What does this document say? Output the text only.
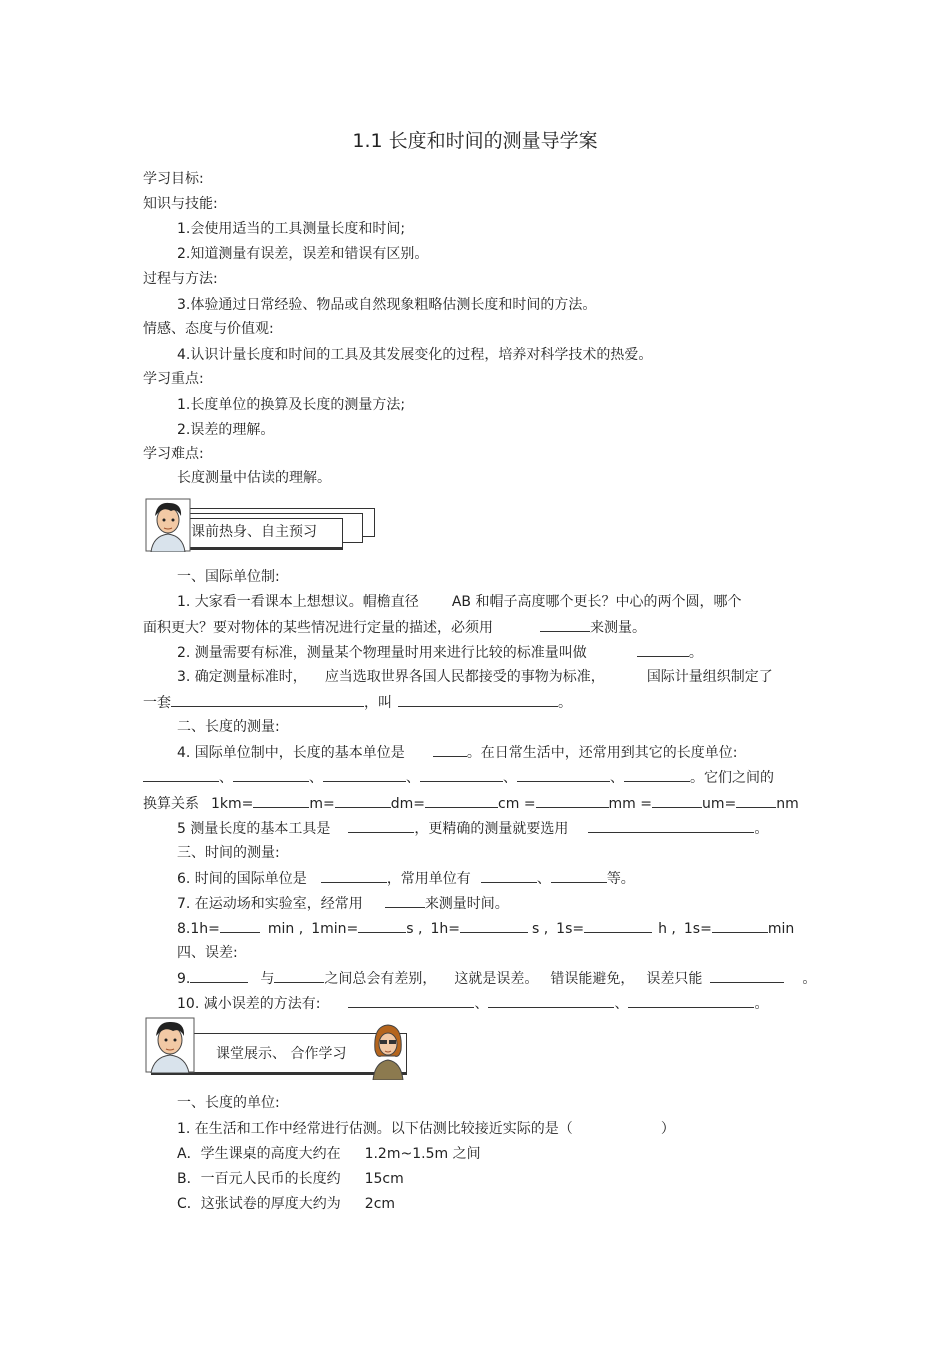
1.1 长度和时间的测量导学案
学习目标:
知识与技能:
1.会使用适当的工具测量长度和时间;
2.知道测量有误差，误差和错误有区别。
过程与方法:
3.体验通过日常经验、物品或自然现象粗略估测长度和时间的方法。
情感、态度与价值观:
4.认识计量长度和时间的工具及其发展变化的过程，培养对科学技术的热爱。
学习重点:
1.长度单位的换算及长度的测量方法;
2.误差的理解。
学习难点:
长度测量中估读的理解。
课前热身、自主预习
一、国际单位制:
1. 大家看一看课本上想想议。帽檐直径 AB 和帽子高度哪个更长？中心的两个圆，哪个
面积更大？要对物体的某些情况进行定量的描述，必须用	来测量。
2. 测量需要有标准，测量某个物理量时用来进行比较的标准量叫做	。
3. 确定测量标准时， 应当选取世界各国人民都接受的事物为标准，	国际计量组织制定了
一套	，叫	。
二、长度的测量:
4. 国际单位制中，长度的基本单位是	。在日常生活中，还常用到其它的长度单位:
、	、	、	、	、	。它们之间的
换算关系 1km=	m=	dm=	cm =	mm =	um=	nm
5 测量长度的基本工具是	，更精确的测量就要选用	。
三、时间的测量:
6. 时间的国际单位是	，常用单位有	、	等。
7. 在运动场和实验室，经常用	来测量时间。
8.1h=	min , 1min=	s , 1h=	s , 1s=	h , 1s=	min
四、误差:
9.	与	之间总会有差别， 这就是误差。 错误能避免， 误差只能	。
10. 减小误差的方法有:	、	、	。
课堂展示、 合作学习
一、长度的单位:
1. 在生活和工作中经常进行估测。以下估测比较接近实际的是（	）
A．学生课桌的高度大约在 1.2m~1.5m 之间
B．一百元人民币的长度约 15cm
C．这张试卷的厚度大约为 2cm
